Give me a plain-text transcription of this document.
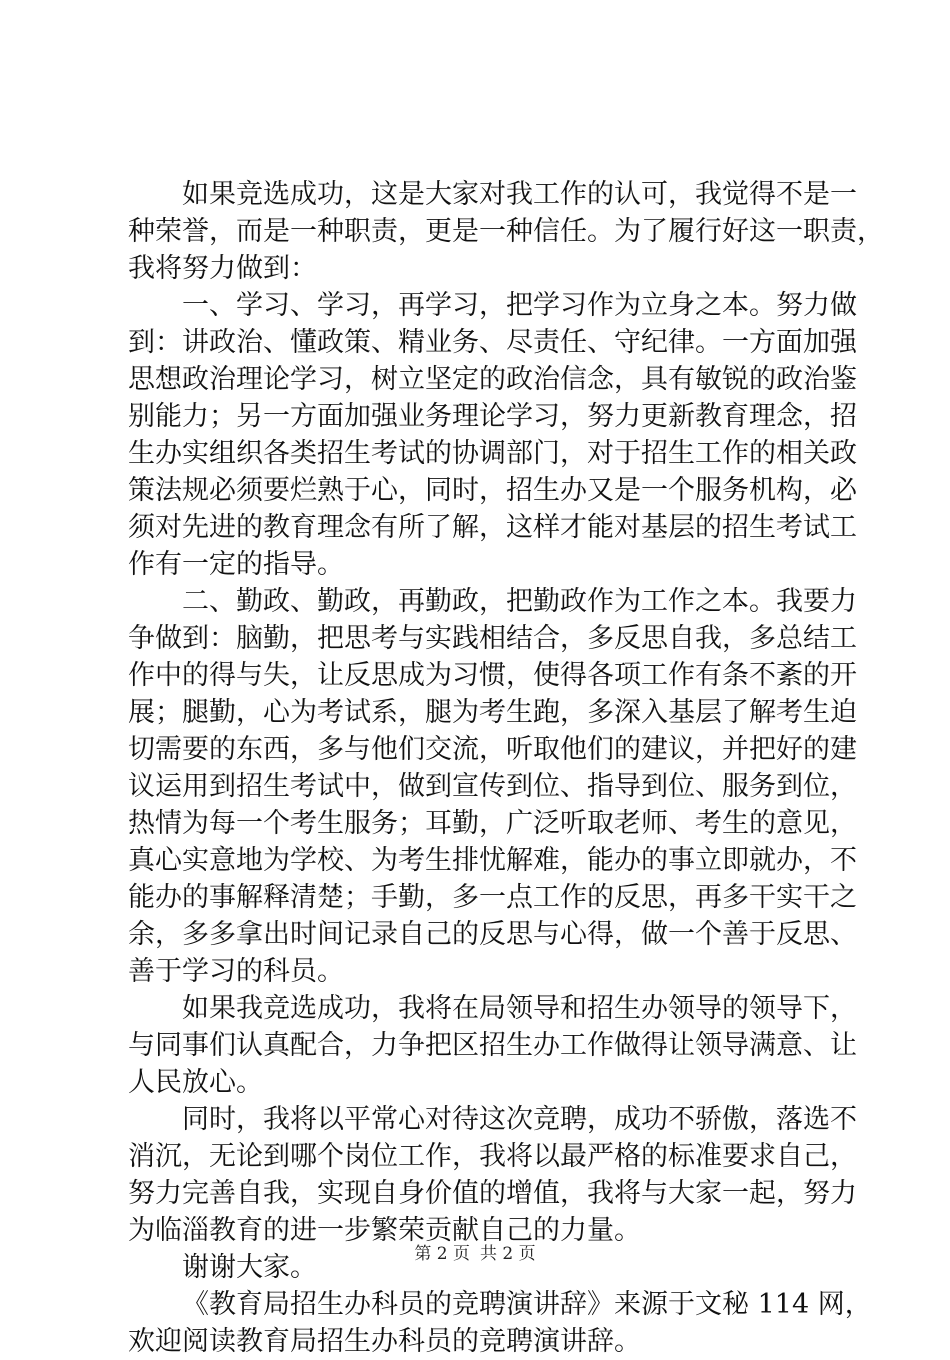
如果竞选成功，这是大家对我工作的认可，我觉得不是一
种荣誉，而是一种职责，更是一种信任。为了履行好这一职责，
我将努力做到：
一、学习、学习，再学习，把学习作为立身之本。努力做
到：讲政治、懂政策、精业务、尽责任、守纪律。一方面加强
思想政治理论学习，树立坚定的政治信念，具有敏锐的政治鉴
别能力；另一方面加强业务理论学习，努力更新教育理念，招
生办实组织各类招生考试的协调部门，对于招生工作的相关政
策法规必须要烂熟于心，同时，招生办又是一个服务机构，必
须对先进的教育理念有所了解，这样才能对基层的招生考试工
作有一定的指导。
二、勤政、勤政，再勤政，把勤政作为工作之本。我要力
争做到：脑勤，把思考与实践相结合，多反思自我，多总结工
作中的得与失，让反思成为习惯，使得各项工作有条不紊的开
展；腿勤，心为考试系，腿为考生跑，多深入基层了解考生迫
切需要的东西，多与他们交流，听取他们的建议，并把好的建
议运用到招生考试中，做到宣传到位、指导到位、服务到位，
热情为每一个考生服务；耳勤，广泛听取老师、考生的意见，
真心实意地为学校、为考生排忧解难，能办的事立即就办，不
能办的事解释清楚；手勤，多一点工作的反思，再多干实干之
余，多多拿出时间记录自己的反思与心得，做一个善于反思、
善于学习的科员。
如果我竞选成功，我将在局领导和招生办领导的领导下，
与同事们认真配合，力争把区招生办工作做得让领导满意、让
人民放心。
同时，我将以平常心对待这次竞聘，成功不骄傲，落选不
消沉，无论到哪个岗位工作，我将以最严格的标准要求自己，
努力完善自我，实现自身价值的增值，我将与大家一起，努力
为临淄教育的进一步繁荣贡献自己的力量。
谢谢大家。
《教育局招生办科员的竞聘演讲辞》来源于文秘 114 网，
欢迎阅读教育局招生办科员的竞聘演讲辞。
第 2 页 共 2 页
